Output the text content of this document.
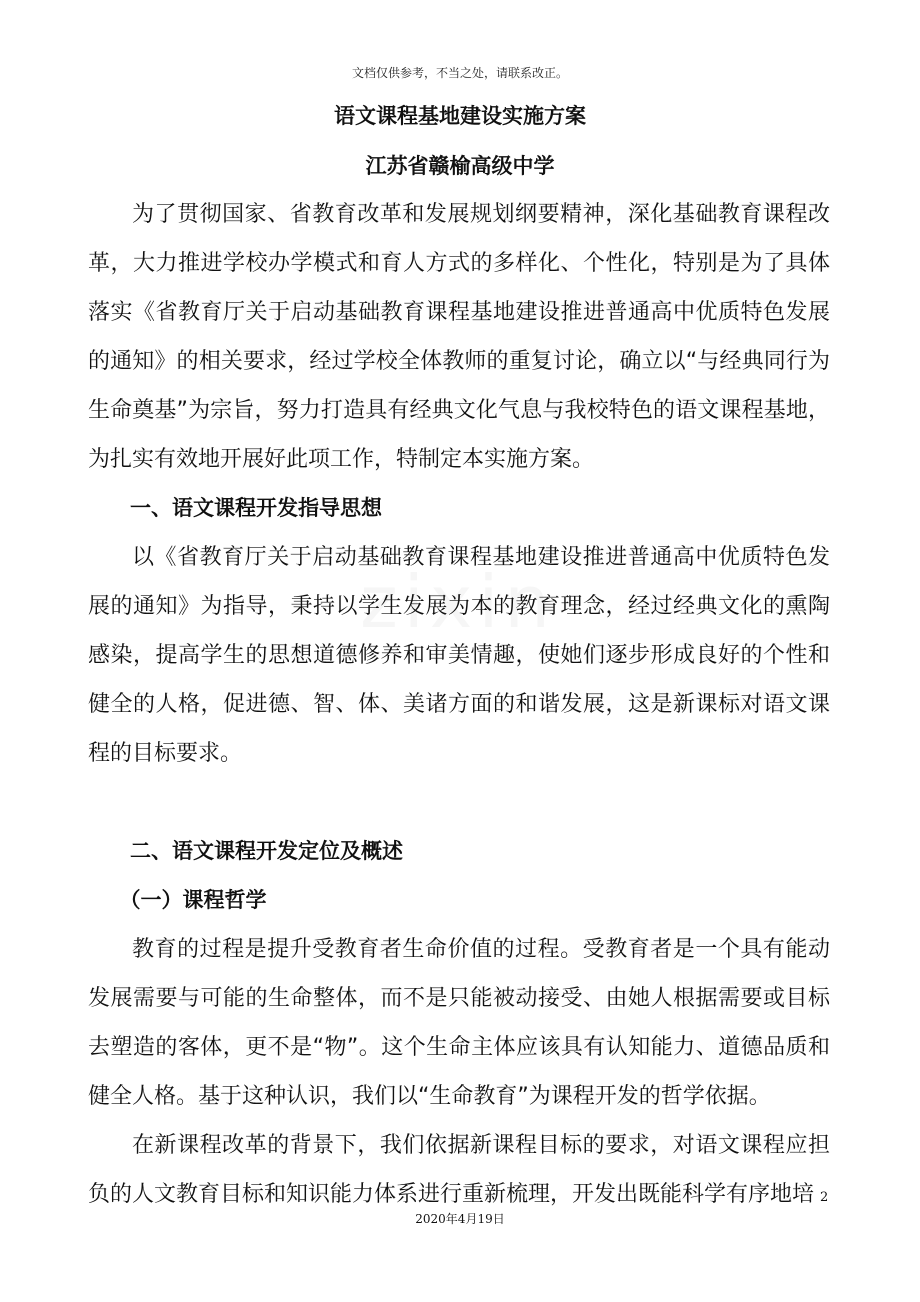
文档仅供参考，不当之处，请联系改正。
语文课程基地建设实施方案
江苏省赣榆高级中学
zixin

为了贯彻国家、省教育改革和发展规划纲要精神，深化基础教育课程改革，大力推进学校办学模式和育人方式的多样化、个性化，特别是为了具体落实《省教育厅关于启动基础教育课程基地建设推进普通高中优质特色发展的通知》的相关要求，经过学校全体教师的重复讨论，确立以“与经典同行为生命奠基”为宗旨，努力打造具有经典文化气息与我校特色的语文课程基地，为扎实有效地开展好此项工作，特制定本实施方案。

一、语文课程开发指导思想

以《省教育厅关于启动基础教育课程基地建设推进普通高中优质特色发展的通知》为指导，秉持以学生发展为本的教育理念，经过经典文化的熏陶感染，提高学生的思想道德修养和审美情趣，使她们逐步形成良好的个性和健全的人格，促进德、智、体、美诸方面的和谐发展，这是新课标对语文课程的目标要求。

二、语文课程开发定位及概述

（一）课程哲学

教育的过程是提升受教育者生命价值的过程。受教育者是一个具有能动发展需要与可能的生命整体，而不是只能被动接受、由她人根据需要或目标去塑造的客体，更不是“物”。这个生命主体应该具有认知能力、道德品质和健全人格。基于这种认识，我们以“生命教育”为课程开发的哲学依据。

在新课程改革的背景下，我们依据新课程目标的要求，对语文课程应担负的人文教育目标和知识能力体系进行重新梳理，开发出既能科学有序地培 2
2020年4月19日
